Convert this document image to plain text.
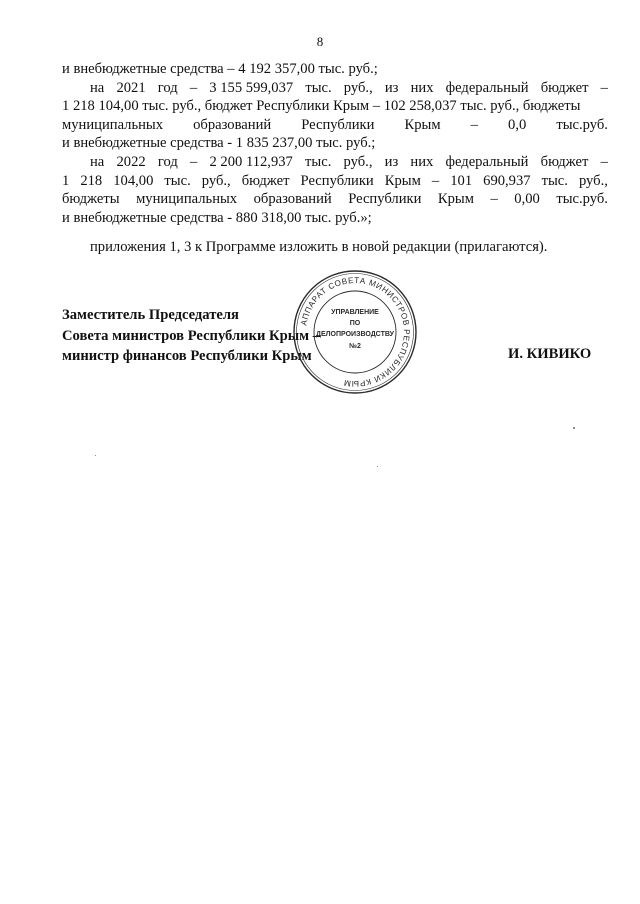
8
и внебюджетные средства – 4 192 357,00 тыс. руб.;
на 2021 год – 3 155 599,037 тыс. руб., из них федеральный бюджет –
1 218 104,00 тыс. руб., бюджет Республики Крым – 102 258,037 тыс. руб., бюджеты
муниципальных образований Республики Крым – 0,0 тыс.руб.
и внебюджетные средства - 1 835 237,00 тыс. руб.;
на 2022 год – 2 200 112,937 тыс. руб., из них федеральный бюджет –
1 218 104,00 тыс. руб., бюджет Республики Крым – 101 690,937 тыс. руб.,
бюджеты муниципальных образований Республики Крым – 0,00 тыс.руб.
и внебюджетные средства - 880 318,00 тыс. руб.»;
приложения 1, 3 к Программе изложить в новой редакции (прилагаются).
Заместитель Председателя
Совета министров Республики Крым –
министр финансов Республики Крым	И. КИВИКО
АППАРАТ СОВЕТА МИНИСТРОВ РЕСПУБЛИКИ КРЫМ
УПРАВЛЕНИЕ
ПО
ДЕЛОПРОИЗВОДСТВУ
№2
